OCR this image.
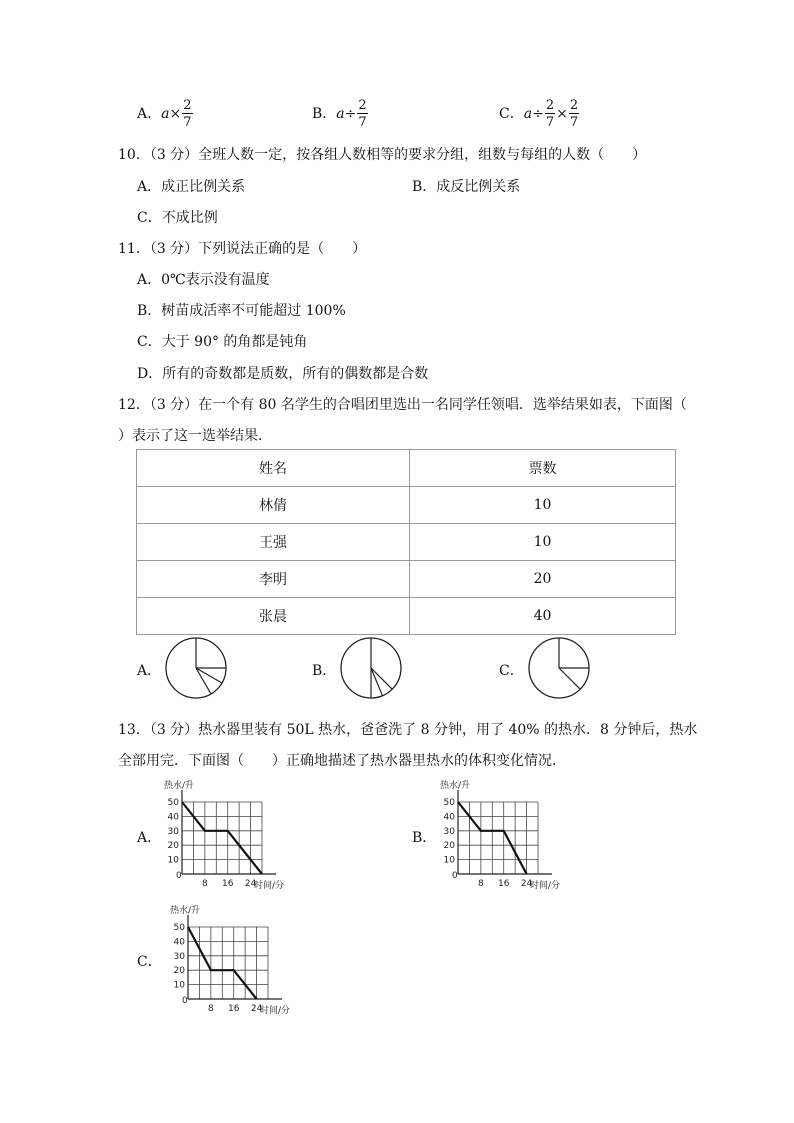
A．$a\times \frac{2}{7}$	B．$a\div \frac{2}{7}$	C．$a\div \frac{2}{7} \times \frac{2}{7}$
10．（3 分）全班人数一定，按各组人数相等的要求分组，组数与每组的人数（　　）
A．成正比例关系	B．成反比例关系
C．不成比例
11．（3 分）下列说法正确的是（　　）
A．0℃表示没有温度
B．树苗成活率不可能超过 100%
C．大于 90° 的角都是钝角
D．所有的奇数都是质数，所有的偶数都是合数
12．（3 分）在一个有 80 名学生的合唱团里选出一名同学任领唱．选举结果如表，下面图（
）表示了这一选举结果．
姓名	票数
林倩	10
王强	10
李明	20
张晨	40
A．	B．	C．
13．（3 分）热水器里装有 50L 热水，爸爸洗了 8 分钟，用了 40% 的热水．8 分钟后，热水
全部用完．下面图（　　）正确地描述了热水器里热水的体积变化情况．
A．
热水/升
时间/分
50
40
30
20
10
8 16 24
0
B．
热水/升
时间/分
50
40
30
20
10
8 16 24
0
C．
热水/升
时间/分
50
40
30
20
10
8 16 24
0
